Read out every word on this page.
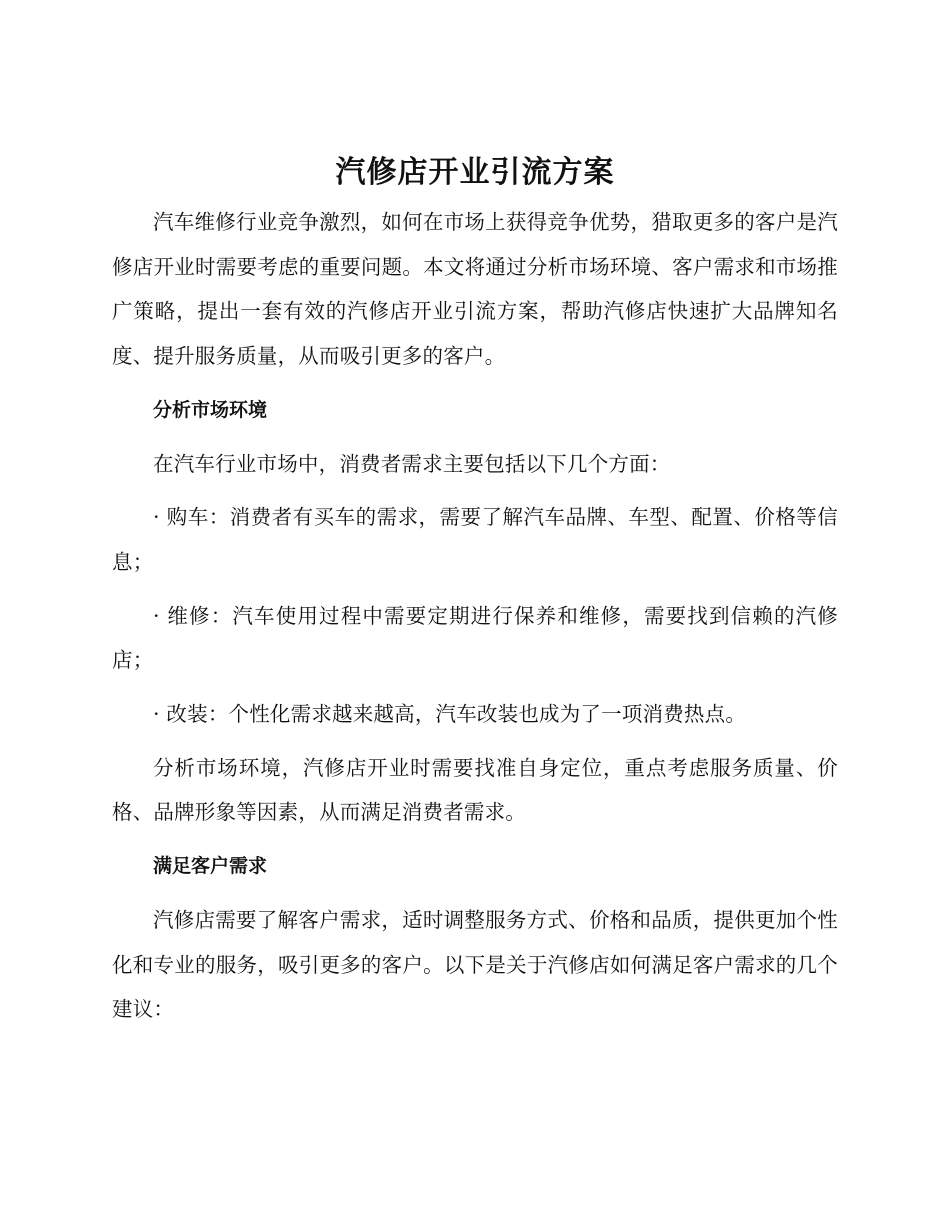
汽修店开业引流方案

汽车维修行业竞争激烈，如何在市场上获得竞争优势，猎取更多的客户是汽修店开业时需要考虑的重要问题。本文将通过分析市场环境、客户需求和市场推广策略，提出一套有效的汽修店开业引流方案，帮助汽修店快速扩大品牌知名度、提升服务质量，从而吸引更多的客户。

分析市场环境

在汽车行业市场中，消费者需求主要包括以下几个方面：

· 购车：消费者有买车的需求，需要了解汽车品牌、车型、配置、价格等信息；

· 维修：汽车使用过程中需要定期进行保养和维修，需要找到信赖的汽修店；

· 改装：个性化需求越来越高，汽车改装也成为了一项消费热点。

分析市场环境，汽修店开业时需要找准自身定位，重点考虑服务质量、价格、品牌形象等因素，从而满足消费者需求。

满足客户需求

汽修店需要了解客户需求，适时调整服务方式、价格和品质，提供更加个性化和专业的服务，吸引更多的客户。以下是关于汽修店如何满足客户需求的几个建议：
